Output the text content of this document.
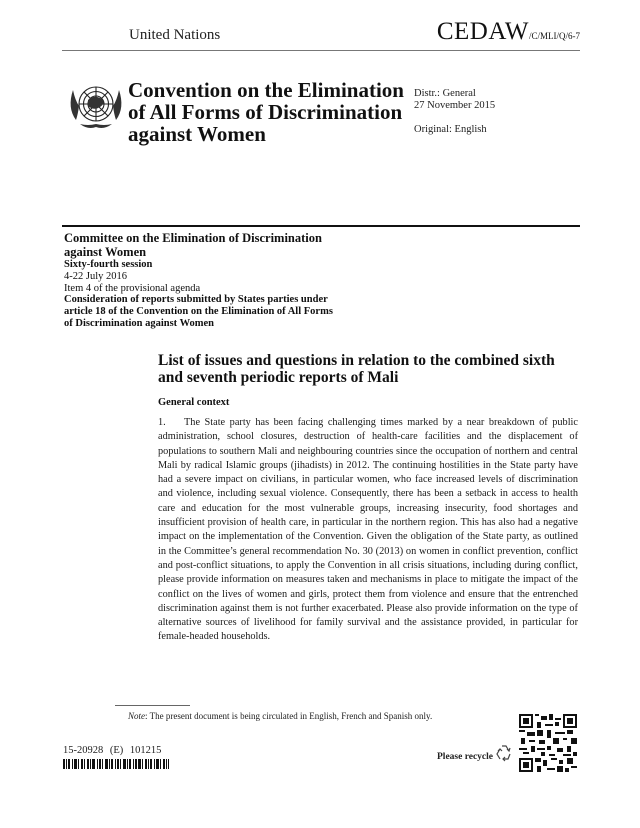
United Nations	CEDAW/C/MLI/Q/6-7
Convention on the Elimination
of All Forms of Discrimination
against Women
Distr.: General
27 November 2015
Original: English
Committee on the Elimination of Discrimination
against Women
Sixty-fourth session
4-22 July 2016
Item 4 of the provisional agenda
Consideration of reports submitted by States parties under
article 18 of the Convention on the Elimination of All Forms
of Discrimination against Women
List of issues and questions in relation to the combined sixth
and seventh periodic reports of Mali
General context
1. The State party has been facing challenging times marked by a near breakdown of public administration, school closures, destruction of health-care facilities and the displacement of populations to southern Mali and neighbouring countries since the occupation of northern and central Mali by radical Islamic groups (jihadists) in 2012. The continuing hostilities in the State party have had a severe impact on civilians, in particular women, who face increased levels of discrimination and violence, including sexual violence. Consequently, there has been a setback in access to health care and education for the most vulnerable groups, increasing insecurity, food shortages and insufficient provision of health care, in particular in the northern region. This has also had a negative impact on the implementation of the Convention. Given the obligation of the State party, as outlined in the Committee’s general recommendation No. 30 (2013) on women in conflict prevention, conflict and post-conflict situations, to apply the Convention in all crisis situations, including during conflict, please provide information on measures taken and mechanisms in place to mitigate the impact of the conflict on the lives of women and girls, protect them from violence and ensure that the entrenched discrimination against them is not further exacerbated. Please also provide information on the type of alternative sources of livelihood for family survival and the assistance provided, in particular for female-headed households.
Note: The present document is being circulated in English, French and Spanish only.
15-20928 (E) 101215
Please recycle
